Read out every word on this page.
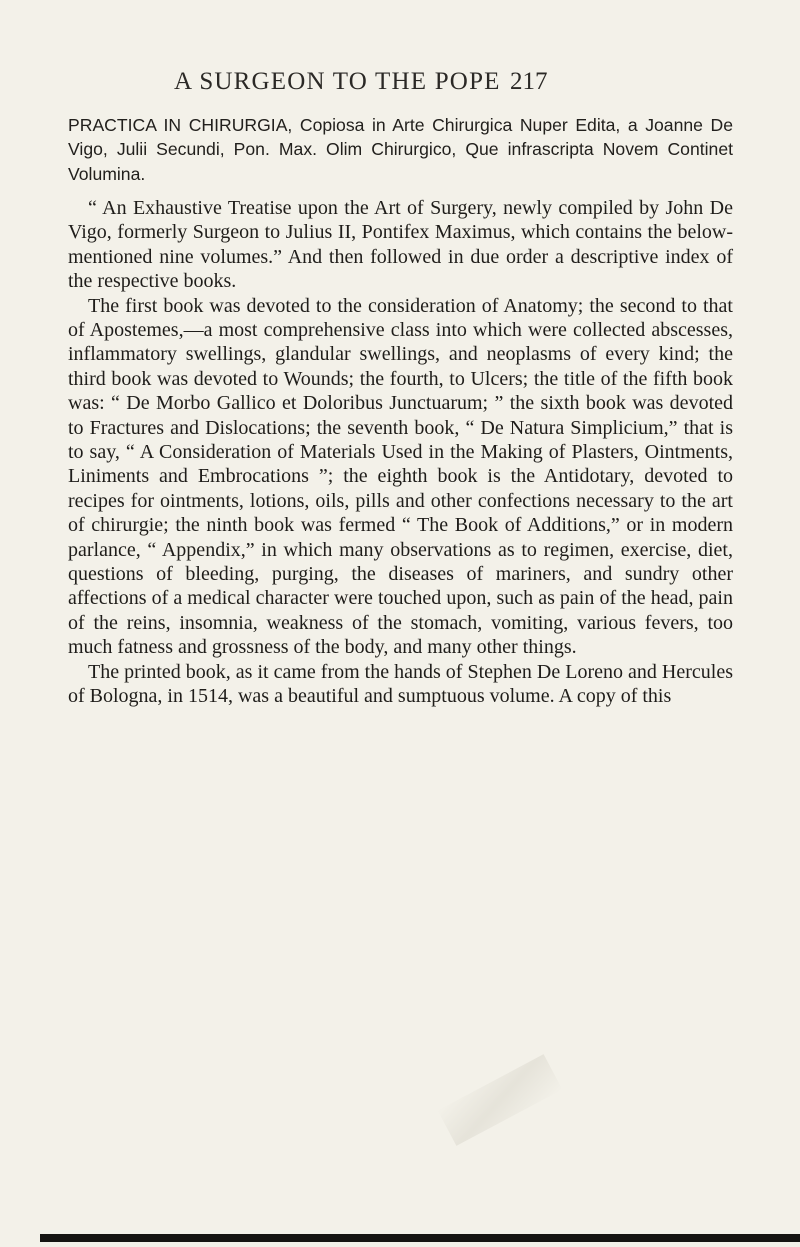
A SURGEON TO THE POPE 217

PRACTICA IN CHIRURGIA, Copiosa in Arte Chirurgica Nuper Edita, a Joanne De Vigo, Julii Secundi, Pon. Max. Olim Chirurgico, Que infrascripta Novem Continet Volumina.

“ An Exhaustive Treatise upon the Art of Surgery, newly compiled by John De Vigo, formerly Surgeon to Julius II, Pontifex Maximus, which contains the below-mentioned nine volumes.” And then followed in due order a descriptive index of the respective books.

The first book was devoted to the consideration of Anatomy; the second to that of Apostemes,—a most comprehensive class into which were collected abscesses, inflammatory swellings, glandular swellings, and neoplasms of every kind; the third book was devoted to Wounds; the fourth, to Ulcers; the title of the fifth book was: “ De Morbo Gallico et Doloribus Junctuarum; ” the sixth book was devoted to Fractures and Dislocations; the seventh book, “ De Natura Simplicium,” that is to say, “ A Consideration of Materials Used in the Making of Plasters, Ointments, Liniments and Embrocations ”; the eighth book is the Antidotary, devoted to recipes for ointments, lotions, oils, pills and other confections necessary to the art of chirurgie; the ninth book was fermed “ The Book of Additions,” or in modern parlance, “ Appendix,” in which many observations as to regimen, exercise, diet, questions of bleeding, purging, the diseases of mariners, and sundry other affections of a medical character were touched upon, such as pain of the head, pain of the reins, insomnia, weakness of the stomach, vomiting, various fevers, too much fatness and grossness of the body, and many other things.

The printed book, as it came from the hands of Stephen De Loreno and Hercules of Bologna, in 1514, was a beautiful and sumptuous volume. A copy of this
